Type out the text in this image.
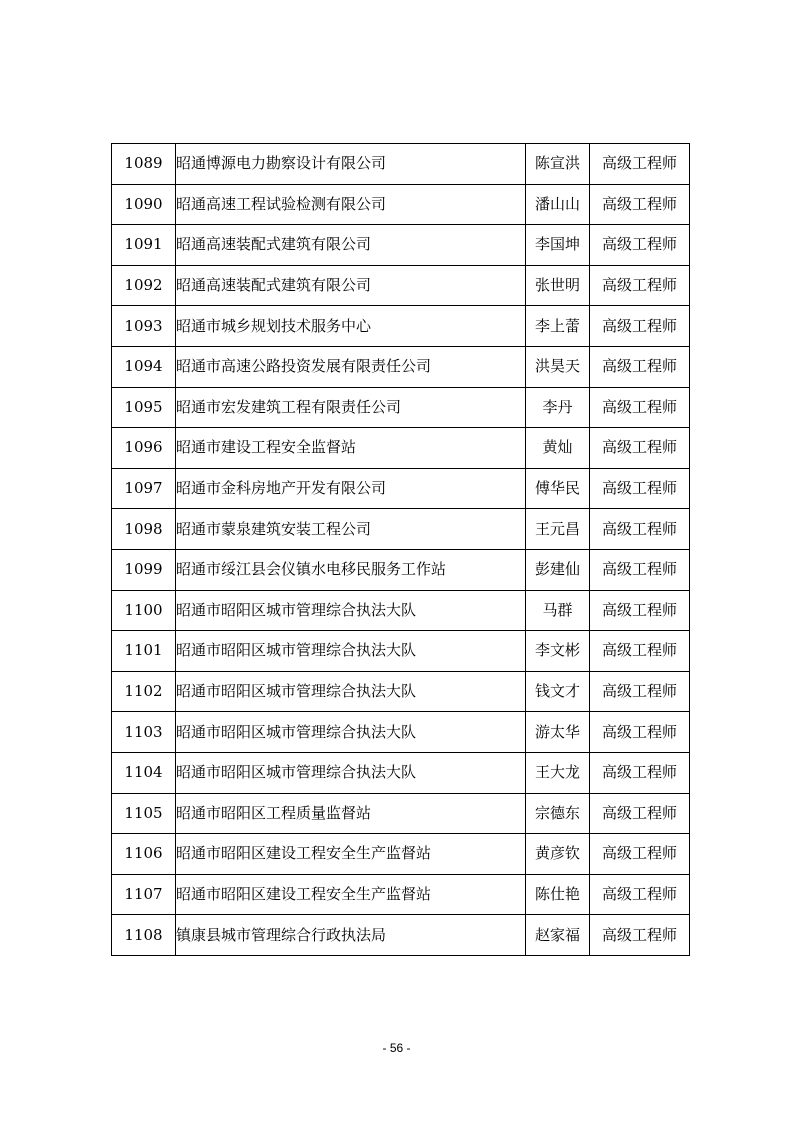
1089	昭通博源电力勘察设计有限公司	陈宣洪	高级工程师
1090	昭通高速工程试验检测有限公司	潘山山	高级工程师
1091	昭通高速装配式建筑有限公司	李国坤	高级工程师
1092	昭通高速装配式建筑有限公司	张世明	高级工程师
1093	昭通市城乡规划技术服务中心	李上蕾	高级工程师
1094	昭通市高速公路投资发展有限责任公司	洪昊天	高级工程师
1095	昭通市宏发建筑工程有限责任公司	李丹	高级工程师
1096	昭通市建设工程安全监督站	黄灿	高级工程师
1097	昭通市金科房地产开发有限公司	傅华民	高级工程师
1098	昭通市蒙泉建筑安装工程公司	王元昌	高级工程师
1099	昭通市绥江县会仪镇水电移民服务工作站	彭建仙	高级工程师
1100	昭通市昭阳区城市管理综合执法大队	马群	高级工程师
1101	昭通市昭阳区城市管理综合执法大队	李文彬	高级工程师
1102	昭通市昭阳区城市管理综合执法大队	钱文才	高级工程师
1103	昭通市昭阳区城市管理综合执法大队	游太华	高级工程师
1104	昭通市昭阳区城市管理综合执法大队	王大龙	高级工程师
1105	昭通市昭阳区工程质量监督站	宗德东	高级工程师
1106	昭通市昭阳区建设工程安全生产监督站	黄彦钦	高级工程师
1107	昭通市昭阳区建设工程安全生产监督站	陈仕艳	高级工程师
1108	镇康县城市管理综合行政执法局	赵家福	高级工程师
- 56 -
